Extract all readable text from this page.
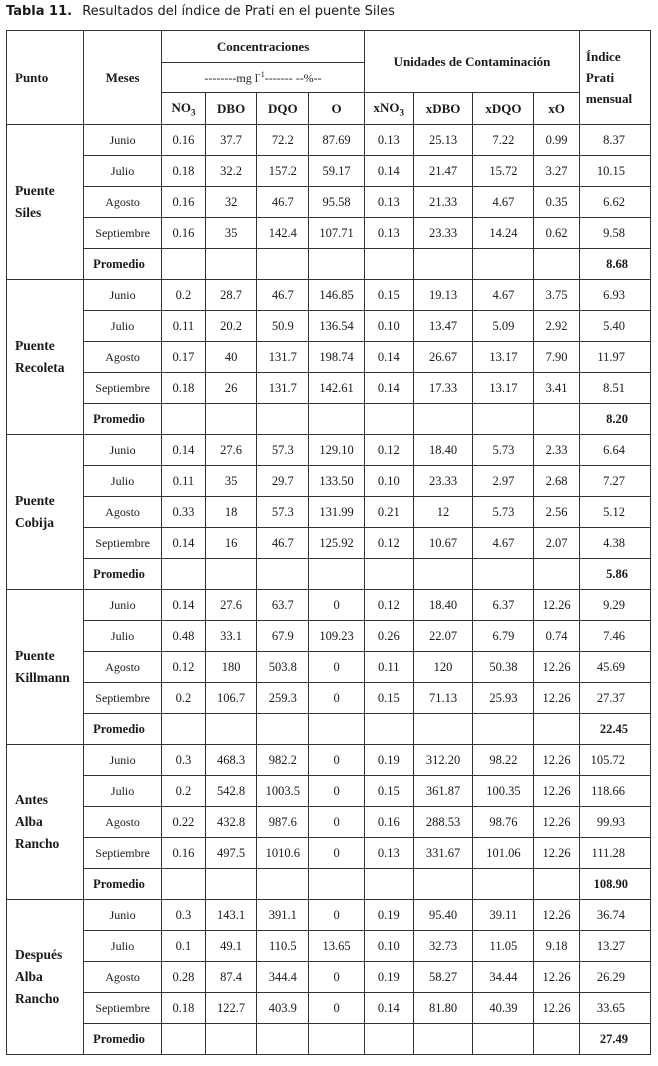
Tabla 11. Resultados del índice de Prati en el puente Siles
Punto	Meses	Concentraciones				Unidades de Contaminación				Índice
Prati
mensual
		--------mg $l^{-1}-------$ --%--								
		$NO_3$	DBO	DQO	O	xNO$_3$	xDBO	xDQO	xO	
Puente
Siles	Junio	0.16	37.7	72.2	87.69	0.13	25.13	7.22	0.99	8.37
	Julio	0.18	32.2	157.2	59.17	0.14	21.47	15.72	3.27	10.15
	Agosto	0.16	32	46.7	95.58	0.13	21.33	4.67	0.35	6.62
	Septiembre	0.16	35	142.4	107.71	0.13	23.33	14.24	0.62	9.58
	Promedio									8.68
Puente
Recoleta	Junio	0.2	28.7	46.7	146.85	0.15	19.13	4.67	3.75	6.93
	Julio	0.11	20.2	50.9	136.54	0.10	13.47	5.09	2.92	5.40
	Agosto	0.17	40	131.7	198.74	0.14	26.67	13.17	7.90	11.97
	Septiembre	0.18	26	131.7	142.61	0.14	17.33	13.17	3.41	8.51
	Promedio									8.20
Puente
Cobija	Junio	0.14	27.6	57.3	129.10	0.12	18.40	5.73	2.33	6.64
	Julio	0.11	35	29.7	133.50	0.10	23.33	2.97	2.68	7.27
	Agosto	0.33	18	57.3	131.99	0.21	12	5.73	2.56	5.12
	Septiembre	0.14	16	46.7	125.92	0.12	10.67	4.67	2.07	4.38
	Promedio									5.86
Puente
Killmann	Junio	0.14	27.6	63.7	0	0.12	18.40	6.37	12.26	9.29
	Julio	0.48	33.1	67.9	109.23	0.26	22.07	6.79	0.74	7.46
	Agosto	0.12	180	503.8	0	0.11	120	50.38	12.26	45.69
	Septiembre	0.2	106.7	259.3	0	0.15	71.13	25.93	12.26	27.37
	Promedio									22.45
Antes
Alba
Rancho	Junio	0.3	468.3	982.2	0	0.19	312.20	98.22	12.26	105.72
	Julio	0.2	542.8	1003.5	0	0.15	361.87	100.35	12.26	118.66
	Agosto	0.22	432.8	987.6	0	0.16	288.53	98.76	12.26	99.93
	Septiembre	0.16	497.5	1010.6	0	0.13	331.67	101.06	12.26	111.28
	Promedio									108.90
Después
Alba
Rancho	Junio	0.3	143.1	391.1	0	0.19	95.40	39.11	12.26	36.74
	Julio	0.1	49.1	110.5	13.65	0.10	32.73	11.05	9.18	13.27
	Agosto	0.28	87.4	344.4	0	0.19	58.27	34.44	12.26	26.29
	Septiembre	0.18	122.7	403.9	0	0.14	81.80	40.39	12.26	33.65
	Promedio									27.49
